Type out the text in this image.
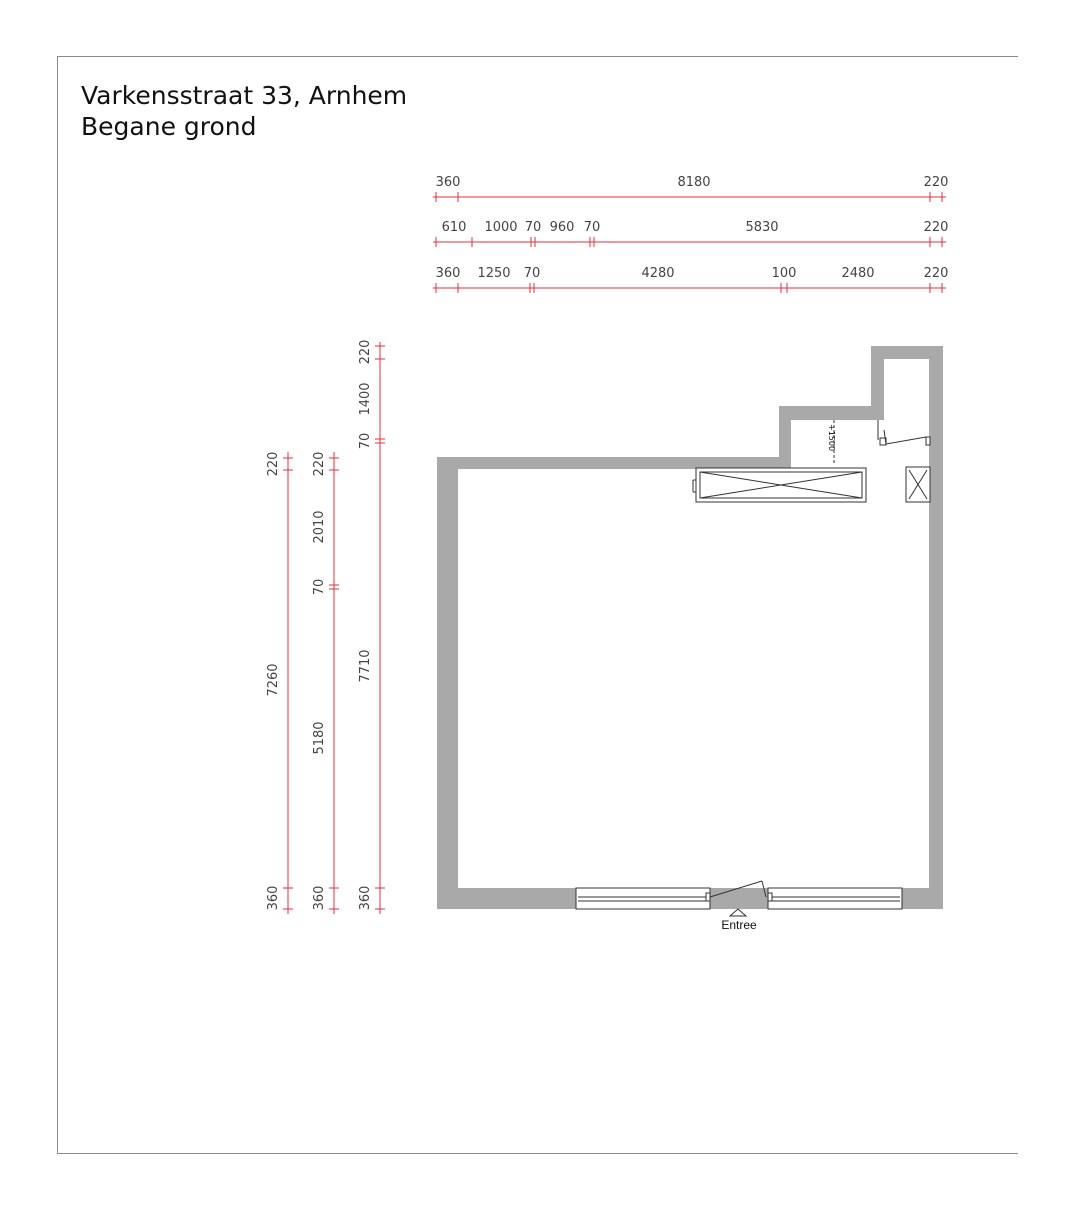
Varkensstraat 33, Arnhem
Begane grond
360	8180	220
610 1000 70 960 70	5830	220
360 1250 70	4280	100	2480	220
220
7260
360
220
2010
70
5180
360
220
1400
70
7710
360
+1500
Entree
